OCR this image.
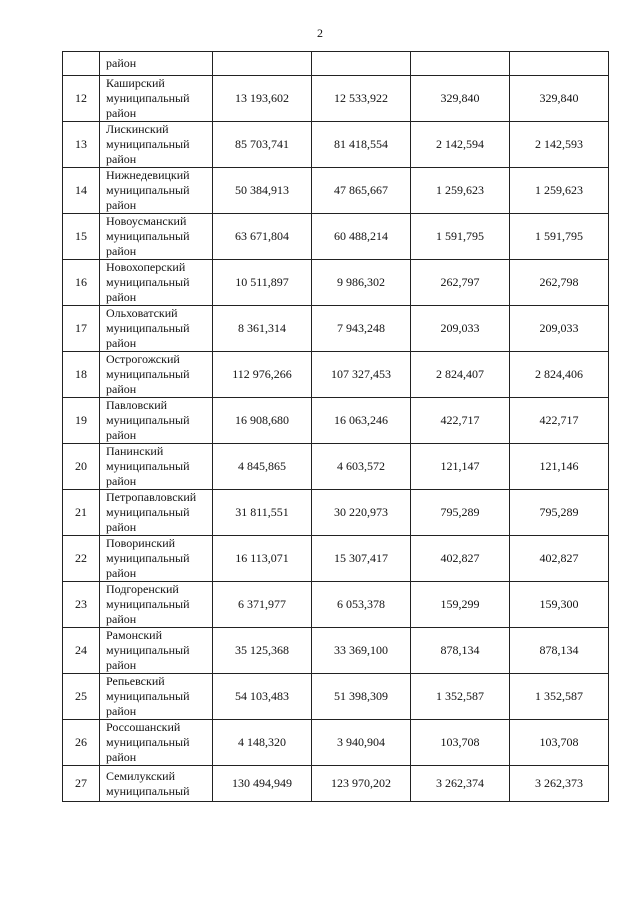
2

	район				

12	Каширский
муниципальный
район	13 193,602	12 533,922	329,840	329,840
13	Лискинский
муниципальный
район	85 703,741	81 418,554	2 142,594	2 142,593
14	Нижнедевицкий
муниципальный
район	50 384,913	47 865,667	1 259,623	1 259,623
15	Новоусманский
муниципальный
район	63 671,804	60 488,214	1 591,795	1 591,795
16	Новохоперский
муниципальный
район	10 511,897	9 986,302	262,797	262,798
17	Ольховатский
муниципальный
район	8 361,314	7 943,248	209,033	209,033
18	Острогожский
муниципальный
район	112 976,266	107 327,453	2 824,407	2 824,406
19	Павловский
муниципальный
район	16 908,680	16 063,246	422,717	422,717
20	Панинский
муниципальный
район	4 845,865	4 603,572	121,147	121,146
21	Петропавловский
муниципальный
район	31 811,551	30 220,973	795,289	795,289
22	Поворинский
муниципальный
район	16 113,071	15 307,417	402,827	402,827
23	Подгоренский
муниципальный
район	6 371,977	6 053,378	159,299	159,300
24	Рамонский
муниципальный
район	35 125,368	33 369,100	878,134	878,134
25	Репьевский
муниципальный
район	54 103,483	51 398,309	1 352,587	1 352,587
26	Россошанский
муниципальный
район	4 148,320	3 940,904	103,708	103,708
27	Семилукский
муниципальный	130 494,949	123 970,202	3 262,374	3 262,373
